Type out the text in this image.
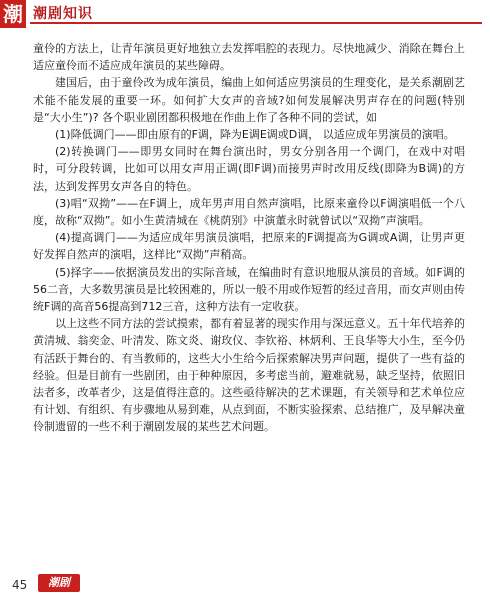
潮 潮剧知识

童伶的方法上，让青年演员更好地独立去发挥唱腔的表现力。尽快地减少、消除在舞台上适应童伶而不适应成年演员的某些障碍。

建国后，由于童伶改为成年演员，编曲上如何适应男演员的生理变化，是关系潮剧艺术能不能发展的重要一环。如何扩大女声的音域?如何发展解决男声存在的问题(特别是“大小生”)? 各个职业剧团都积极地在作曲上作了各种不同的尝试，如

(1)降低调门——即由原有的F调，降为E调E调或D调， 以适应成年男演员的演唱。

(2)转换调门——即男女同时在舞台演出时，男女分别各用一个调门，在戏中对唱时，可分段转调，比如可以用女声用正调(即F调)而接男声时改用反线(即降为B调)的方法，达到发挥男女声各自的特色。

(3)唱“双拗”——在F调上，成年男声用自然声演唱，比原来童伶以F调演唱低一个八度，故称“双拗”。如小生黄清城在《桃荫别》中演董永时就曾试以“双拗”声演唱。

(4)提高调门——为适应成年男演员演唱，把原来的F调提高为G调或A调，让男声更好发挥自然声的演唱，这样比“双拗”声稍高。

(5)择字——依据演员发出的实际音域，在编曲时有意识地服从演员的音域。如F调的56二音，大多数男演员是比较困难的，所以一般不用或作短暂的经过音用，而女声则由传统F调的高音56提高到712三音，这种方法有一定收获。

以上这些不同方法的尝试摸索，都有着显著的现实作用与深远意义。五十年代培养的黄清城、翁奕金、叶清发、陈文炎、谢玫仪、李钦裕、林炳利、王良华等大小生，至今仍有活跃于舞台的、有当教师的，这些大小生给今后探索解决男声问题，提供了一些有益的经验。但是目前有一些剧团，由于种种原因，多考虑当前，避难就易，缺乏坚持，依照旧法者多，改革者少，这是值得注意的。这些亟待解决的艺术课题，有关领导和艺术单位应有计划、有组织、有步骤地从易到难，从点到面，不断实验探索、总结推广，及早解决童伶制遗留的一些不利于潮剧发展的某些艺术问题。

45	潮剧
